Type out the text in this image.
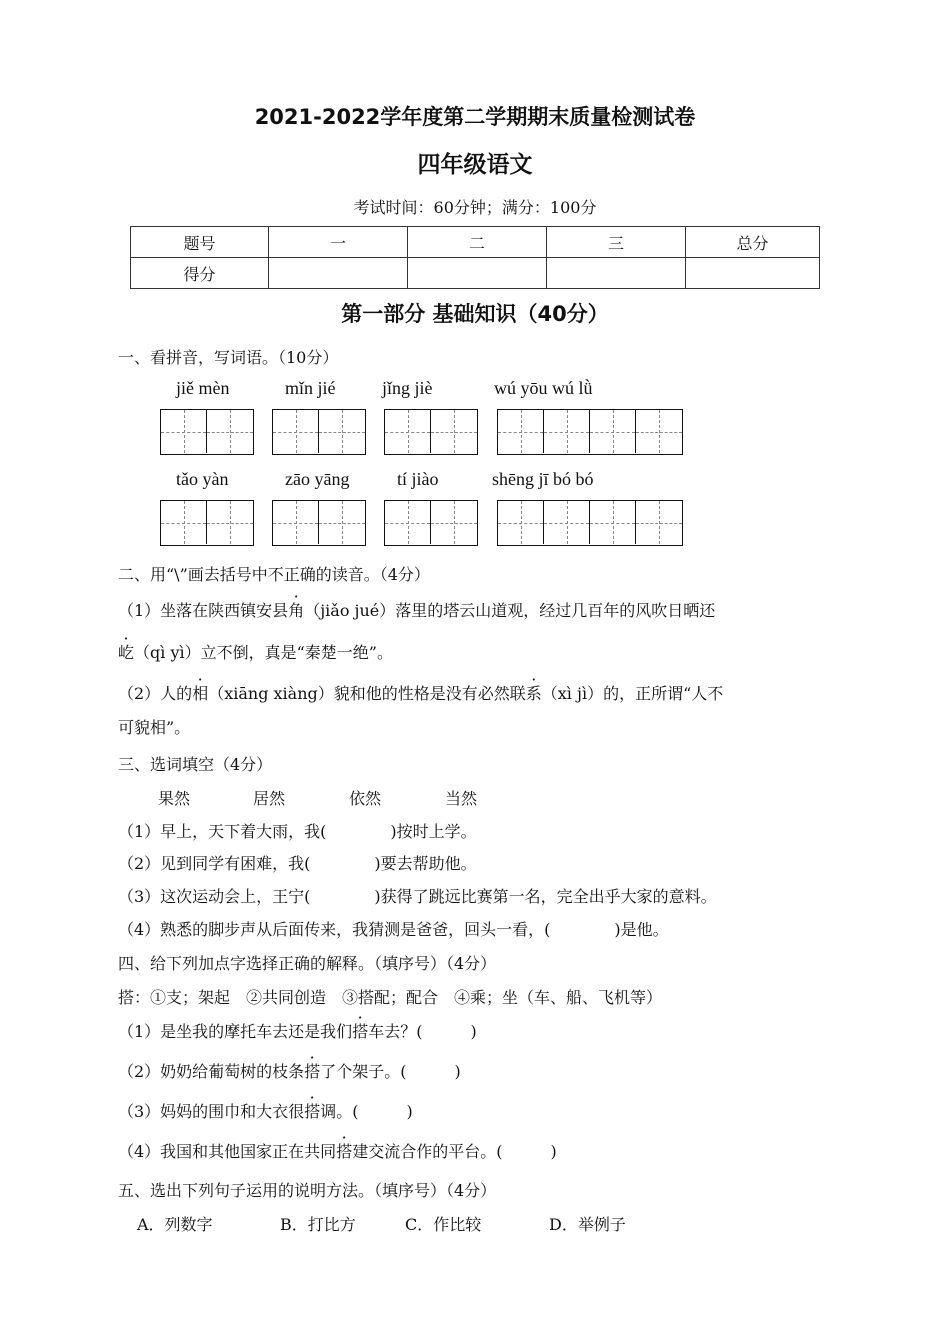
2021-2022学年度第二学期期末质量检测试卷
四年级语文
考试时间：60分钟；满分：100分
题号	一	二	三	总分
得分				
第一部分 基础知识（40分）
一、看拼音，写词语。（10分）
jiě mèn	mǐn jié	jǐng jiè	wú yōu wú lǜ
tǎo yàn	zāo yāng	tí jiào	shēng jī bó bó
二、用“\”画去括号中不正确的读音。（4分）
（1）坐落在陕西镇安县角（jiǎo jué）落里的塔云山道观，经过几百年的风吹日晒还
屹（qì yì）立不倒，真是“秦楚一绝”。
（2）人的相（xiāng xiàng）貌和他的性格是没有必然联系（xì jì）的，正所谓“人不
可貌相”。
三、选词填空（4分）
果然	居然	依然	当然
（1）早上，天下着大雨，我(　　　　)按时上学。
（2）见到同学有困难，我(　　　　)要去帮助他。
（3）这次运动会上，王宁(　　　　)获得了跳远比赛第一名，完全出乎大家的意料。
（4）熟悉的脚步声从后面传来，我猜测是爸爸，回头一看，(　　　　)是他。
四、给下列加点字选择正确的解释。（填序号）（4分）
搭：①支；架起　②共同创造　③搭配；配合　④乘；坐（车、船、飞机等）
（1）是坐我的摩托车去还是我们搭车去？(　　　)
（2）奶奶给葡萄树的枝条搭了个架子。(　　　)
（3）妈妈的围巾和大衣很搭调。(　　　)
（4）我国和其他国家正在共同搭建交流合作的平台。(　　　)
五、选出下列句子运用的说明方法。（填序号）（4分）
A．列数字	B．打比方	C．作比较	D．举例子
